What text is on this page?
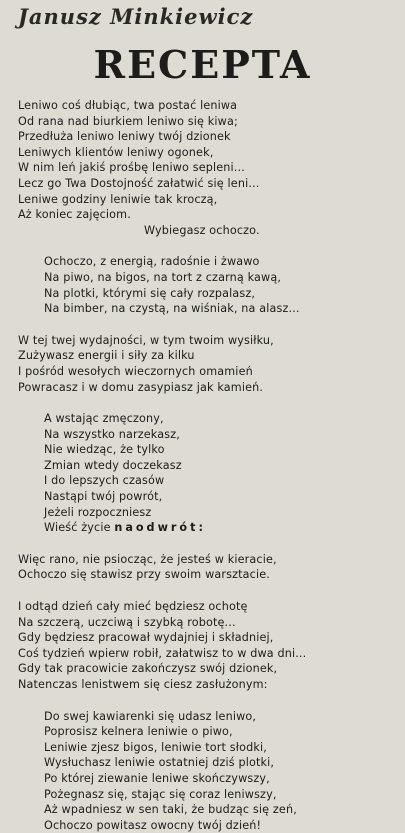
Janusz Minkiewicz
RECEPTA
Leniwo coś dłubiąc, twa postać leniwa
Od rana nad biurkiem leniwo się kiwa;
Przedłuża leniwo leniwy twój dzionek
Leniwych klientów leniwy ogonek,
W nim leń jakiś prośbę leniwo sepleni...
Lecz go Twa Dostojność załatwić się leni...
Leniwe godziny leniwie tak kroczą,
Aż koniec zajęciom.
Wybiegasz ochoczo.
Ochoczo, z energią, radośnie i żwawo
Na piwo, na bigos, na tort z czarną kawą,
Na plotki, którymi się cały rozpalasz,
Na bimber, na czystą, na wiśniak, na alasz...
W tej twej wydajności, w tym twoim wysiłku,
Zużywasz energii i siły za kilku
I pośród wesołych wieczornych omamień
Powracasz i w domu zasypiasz jak kamień.
A wstając zmęczony,
Na wszystko narzekasz,
Nie wiedząc, że tylko
Zmian wtedy doczekasz
I do lepszych czasów
Nastąpi twój powrót,
Jeżeli rozpoczniesz
Wieść życie naodwrót:
Więc rano, nie psiocząc, że jesteś w kieracie,
Ochoczo się stawisz przy swoim warsztacie.
I odtąd dzień cały mieć będziesz ochotę
Na szczerą, uczciwą i szybką robotę...
Gdy będziesz pracował wydajniej i składniej,
Coś tydzień wpierw robił, załatwisz to w dwa dni...
Gdy tak pracowicie zakończysz swój dzionek,
Natenczas lenistwem się ciesz zasłużonym:
Do swej kawiarenki się udasz leniwo,
Poprosisz kelnera leniwie o piwo,
Leniwie zjesz bigos, leniwie tort słodki,
Wysłuchasz leniwie ostatniej dziś plotki,
Po której ziewanie leniwe skończywszy,
Pożegnasz się, stając się coraz leniwszy,
Aż wpadniesz w sen taki, że budząc się zeń,
Ochoczo powitasz owocny twój dzień!
